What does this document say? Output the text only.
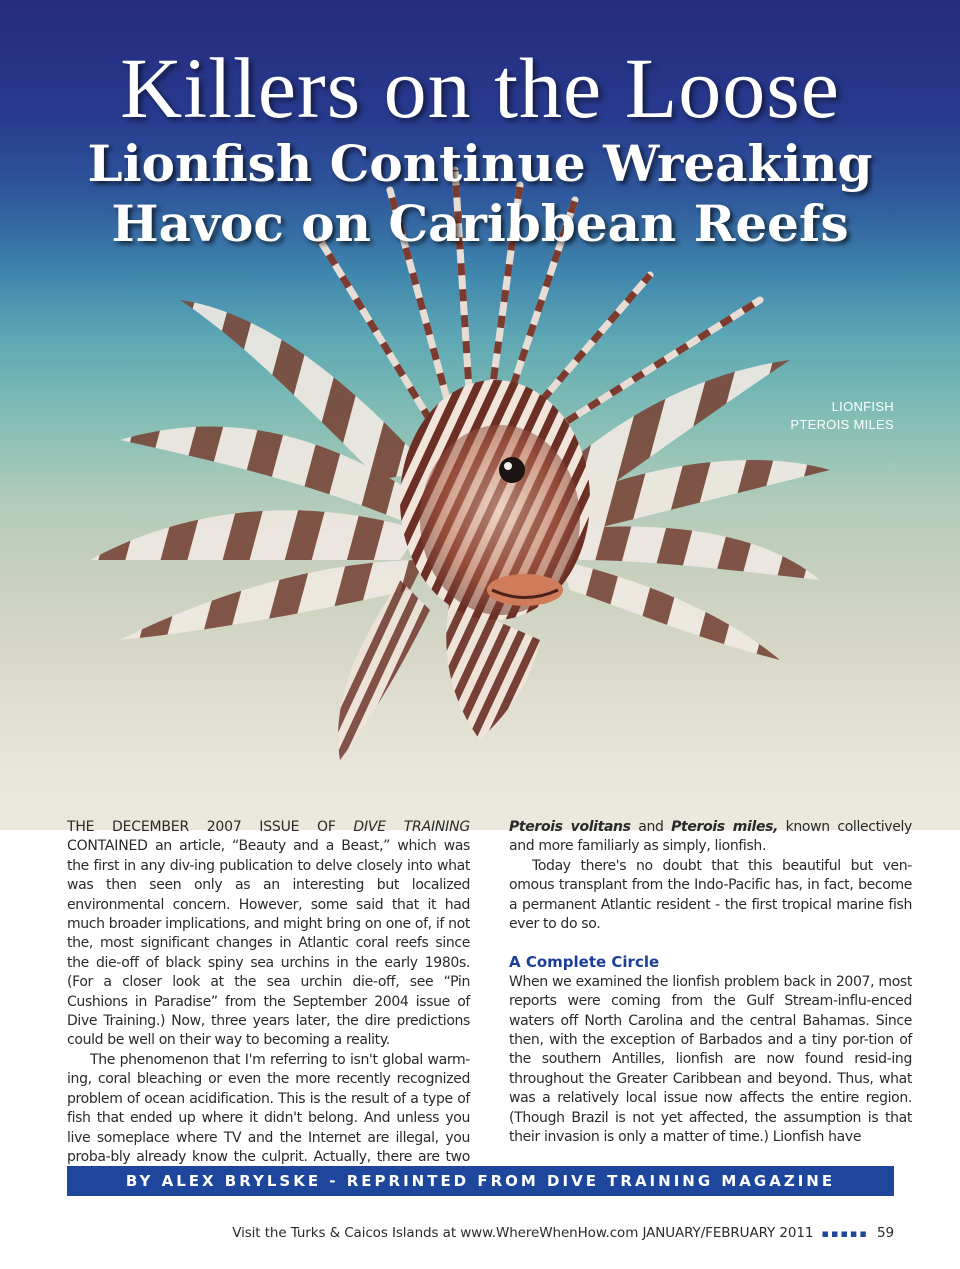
Killers on the Loose
Lionfish Continue Wreaking
Havoc on Caribbean Reefs
LIONFISH
PTEROIS MILES

THE DECEMBER 2007 ISSUE OF DIVE TRAINING CONTAINED an article, “Beauty and a Beast,” which was the first in any div-ing publication to delve closely into what was then seen only as an interesting but localized environmental concern. However, some said that it had much broader implications, and might bring on one of, if not the, most significant changes in Atlantic coral reefs since the die-off of black spiny sea urchins in the early 1980s. (For a closer look at the sea urchin die-off, see “Pin Cushions in Paradise” from the September 2004 issue of Dive Training.) Now, three years later, the dire predictions could be well on their way to becoming a reality.

The phenomenon that I'm referring to isn't global warm-ing, coral bleaching or even the more recently recognized problem of ocean acidification. This is the result of a type of fish that ended up where it didn't belong. And unless you live someplace where TV and the Internet are illegal, you proba-bly already know the culprit. Actually, there are two

Pterois volitans and Pterois miles, known collectively and more familiarly as simply, lionfish.

Today there's no doubt that this beautiful but ven-omous transplant from the Indo-Pacific has, in fact, become a permanent Atlantic resident - the first tropical marine fish ever to do so.

A Complete Circle

When we examined the lionfish problem back in 2007, most reports were coming from the Gulf Stream-influ-enced waters off North Carolina and the central Bahamas. Since then, with the exception of Barbados and a tiny por-tion of the southern Antilles, lionfish are now found resid-ing throughout the Greater Caribbean and beyond. Thus, what was a relatively local issue now affects the entire region. (Though Brazil is not yet affected, the assumption is that their invasion is only a matter of time.) Lionfish have

BY ALEX BRYLSKE - REPRINTED FROM DIVE TRAINING MAGAZINE
Visit the Turks & Caicos Islands at www.WhereWhenHow.com JANUARY/FEBRUARY 2011 ▪▪▪▪▪ 59
